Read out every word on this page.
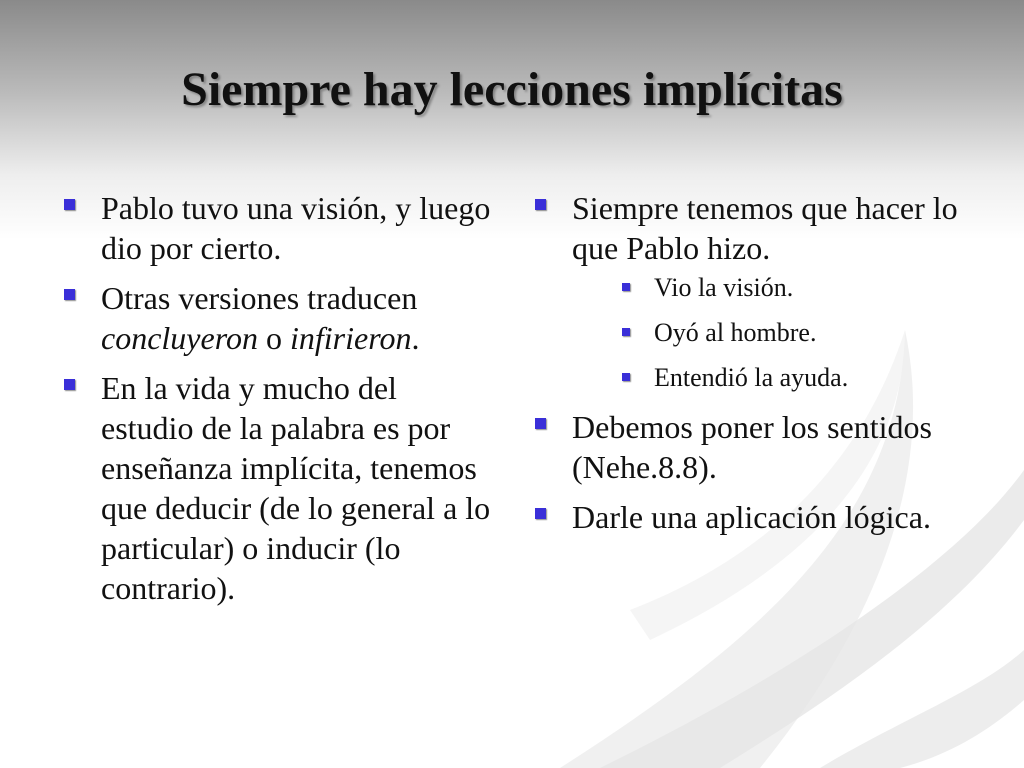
Siempre hay lecciones implícitas
Pablo tuvo una visión, y luego dio por cierto.
Otras versiones traducen concluyeron o infirieron.
En la vida y mucho del estudio de la palabra es por enseñanza implícita, tenemos que deducir (de lo general a lo particular) o inducir (lo contrario).
Siempre tenemos que hacer lo que Pablo hizo.
Vio la visión.
Oyó al hombre.
Entendió la ayuda.
Debemos poner los sentidos (Nehe.8.8).
Darle una aplicación lógica.
